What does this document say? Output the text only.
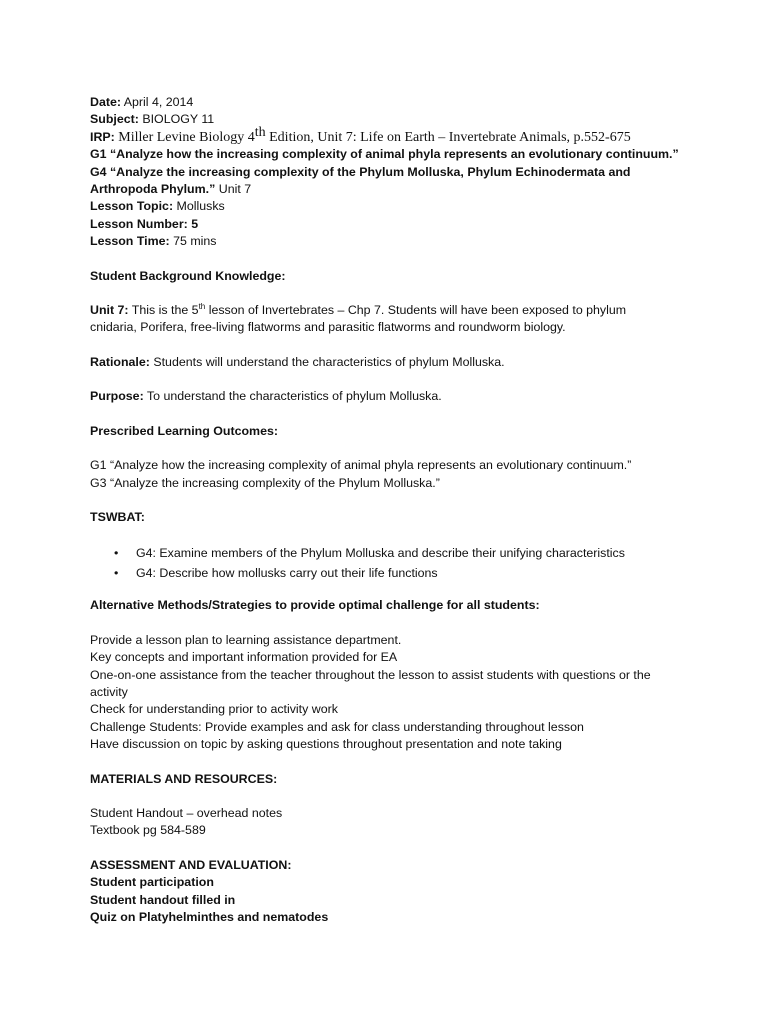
Date: April 4, 2014
Subject: BIOLOGY 11
IRP: Miller Levine Biology 4th Edition, Unit 7: Life on Earth – Invertebrate Animals, p.552-675
G1 “Analyze how the increasing complexity of animal phyla represents an evolutionary continuum.”
G4 “Analyze the increasing complexity of the Phylum Molluska, Phylum Echinodermata and
Arthropoda Phylum.” Unit 7
Lesson Topic: Mollusks
Lesson Number: 5
Lesson Time: 75 mins
Student Background Knowledge:
Unit 7: This is the 5th lesson of Invertebrates – Chp 7. Students will have been exposed to phylum
cnidaria, Porifera, free-living flatworms and parasitic flatworms and roundworm biology.
Rationale: Students will understand the characteristics of phylum Molluska.
Purpose: To understand the characteristics of phylum Molluska.
Prescribed Learning Outcomes:
G1 “Analyze how the increasing complexity of animal phyla represents an evolutionary continuum.”
G3 “Analyze the increasing complexity of the Phylum Molluska.”
TSWBAT:
• G4: Examine members of the Phylum Molluska and describe their unifying characteristics
• G4: Describe how mollusks carry out their life functions
Alternative Methods/Strategies to provide optimal challenge for all students:
Provide a lesson plan to learning assistance department.
Key concepts and important information provided for EA
One-on-one assistance from the teacher throughout the lesson to assist students with questions or the
activity
Check for understanding prior to activity work
Challenge Students: Provide examples and ask for class understanding throughout lesson
Have discussion on topic by asking questions throughout presentation and note taking
MATERIALS AND RESOURCES:
Student Handout – overhead notes
Textbook pg 584-589
ASSESSMENT AND EVALUATION:
Student participation
Student handout filled in
Quiz on Platyhelminthes and nematodes
